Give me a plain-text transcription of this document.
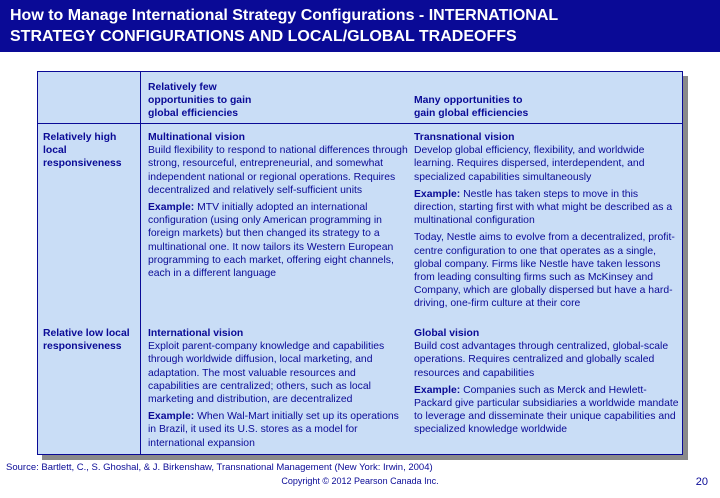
How to Manage International Strategy Configurations - INTERNATIONAL
STRATEGY CONFIGURATIONS AND LOCAL/GLOBAL TRADEOFFS
Relatively few
opportunities to gain
global efficiencies
Many opportunities to
gain global efficiencies
Relatively high local responsiveness
Multinational vision
Build flexibility to respond to national differences through strong, resourceful, entrepreneurial, and somewhat independent national or regional operations. Requires decentralized and relatively self-sufficient units
Example: MTV initially adopted an international configuration (using only American programming in foreign markets) but then changed its strategy to a multinational one. It now tailors its Western European programming to each market, offering eight channels, each in a different language
Transnational vision
Develop global efficiency, flexibility, and worldwide learning. Requires dispersed, interdependent, and specialized capabilities simultaneously
Example: Nestle has taken steps to move in this direction, starting first with what might be described as a multinational configuration
Today, Nestle aims to evolve from a decentralized, profit-centre configuration to one that operates as a single, global company. Firms like Nestle have taken lessons from leading consulting firms such as McKinsey and Company, which are globally dispersed but have a hard-driving, one-firm culture at their core
Relative low local responsiveness
International vision
Exploit parent-company knowledge and capabilities through worldwide diffusion, local marketing, and adaptation. The most valuable resources and capabilities are centralized; others, such as local marketing and distribution, are decentralized
Example: When Wal-Mart initially set up its operations in Brazil, it used its U.S. stores as a model for international expansion
Global vision
Build cost advantages through centralized, global-scale operations. Requires centralized and globally scaled resources and capabilities
Example: Companies such as Merck and Hewlett-Packard give particular subsidiaries a worldwide mandate to leverage and disseminate their unique capabilities and specialized knowledge worldwide
Source: Bartlett, C., S. Ghoshal, & J. Birkenshaw, Transnational Management (New York: Irwin, 2004)
Copyright © 2012 Pearson Canada Inc.	20
